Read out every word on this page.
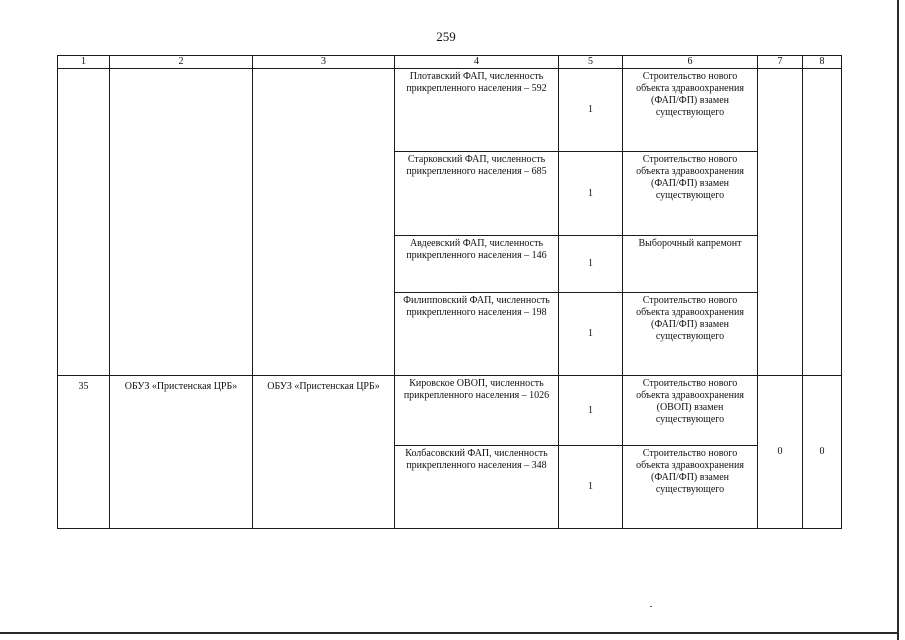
259
1	2	3	4	5	6	7	8
			Плотавский ФАП, численность прикрепленного населения – 592	1	Строительство нового объекта здравоохранения (ФАП/ФП) взамен существующего		
			Старковский ФАП, численность прикрепленного населения – 685	1	Строительство нового объекта здравоохранения (ФАП/ФП) взамен существующего		
			Авдеевский ФАП, численность прикрепленного населения – 146	1	Выборочный капремонт		
			Филипповский ФАП, численность прикрепленного населения – 198	1	Строительство нового объекта здравоохранения (ФАП/ФП) взамен существующего		
35	ОБУЗ «Пристенская ЦРБ»	ОБУЗ «Пристенская ЦРБ»	Кировское ОВОП, численность прикрепленного населения – 1026	1	Строительство нового объекта здравоохранения (ОВОП) взамен существующего	0	0
			Колбасовский ФАП, численность прикрепленного населения – 348	1	Строительство нового объекта здравоохранения (ФАП/ФП) взамен существующего		
